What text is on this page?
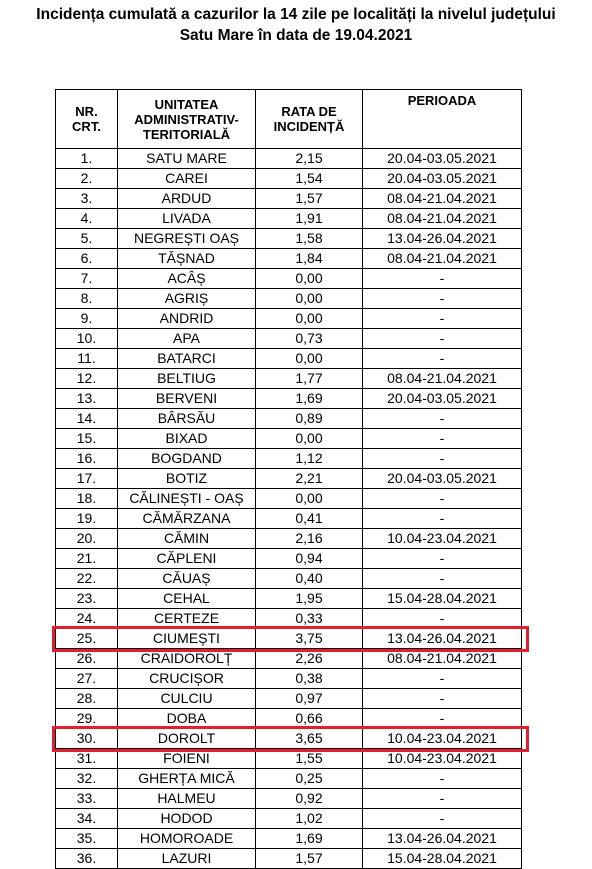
Incidența cumulată a cazurilor la 14 zile pe localități la nivelul județului
Satu Mare în data de 19.04.2021
NR. CRT.	UNITATEA ADMINISTRATIV-TERITORIALĂ	RATA DE INCIDENȚĂ	PERIOADA
1.	SATU MARE	2,15	20.04-03.05.2021
2.	CAREI	1,54	20.04-03.05.2021
3.	ARDUD	1,57	08.04-21.04.2021
4.	LIVADA	1,91	08.04-21.04.2021
5.	NEGREȘTI OAȘ	1,58	13.04-26.04.2021
6.	TĂȘNAD	1,84	08.04-21.04.2021
7.	ACÂȘ	0,00	-
8.	AGRIȘ	0,00	-
9.	ANDRID	0,00	-
10.	APA	0,73	-
11.	BATARCI	0,00	-
12.	BELTIUG	1,77	08.04-21.04.2021
13.	BERVENI	1,69	20.04-03.05.2021
14.	BÂRSĂU	0,89	-
15.	BIXAD	0,00	-
16.	BOGDAND	1,12	-
17.	BOTIZ	2,21	20.04-03.05.2021
18.	CĂLINEȘTI - OAȘ	0,00	-
19.	CĂMĂRZANA	0,41	-
20.	CĂMIN	2,16	10.04-23.04.2021
21.	CĂPLENI	0,94	-
22.	CĂUAȘ	0,40	-
23.	CEHAL	1,95	15.04-28.04.2021
24.	CERTEZE	0,33	-
25.	CIUMEȘTI	3,75	13.04-26.04.2021
26.	CRAIDOROLȚ	2,26	08.04-21.04.2021
27.	CRUCIȘOR	0,38	-
28.	CULCIU	0,97	-
29.	DOBA	0,66	-
30.	DOROLT	3,65	10.04-23.04.2021
31.	FOIENI	1,55	10.04-23.04.2021
32.	GHERȚA MICĂ	0,25	-
33.	HALMEU	0,92	-
34.	HODOD	1,02	-
35.	HOMOROADE	1,69	13.04-26.04.2021
36.	LAZURI	1,57	15.04-28.04.2021
